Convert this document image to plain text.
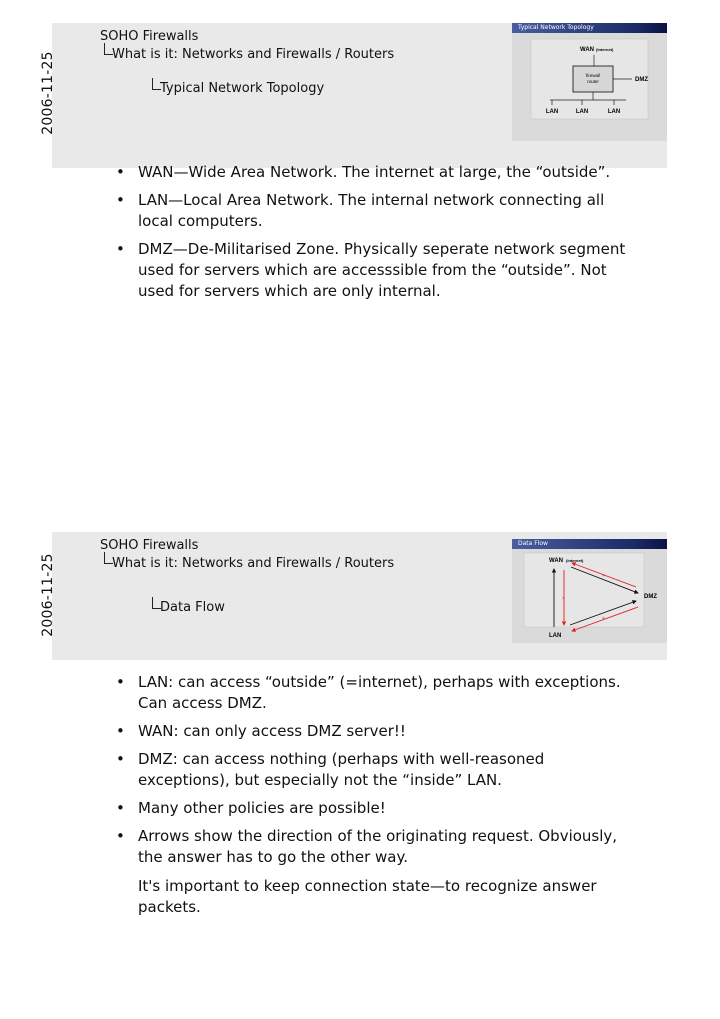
2006-11-25
SOHO Firewalls
What is it: Networks and Firewalls / Routers
Typical Network Topology
Typical Network Topology
WAN (Internet)
firewall
router	DMZ
LAN	LAN	LAN
• WAN—Wide Area Network. The internet at large, the “outside”.
• LAN—Local Area Network. The internal network connecting all local computers.
• DMZ—De-Militarised Zone. Physically seperate network segment used for servers which are accesssible from the “outside”. Not used for servers which are only internal.
2006-11-25
SOHO Firewalls
What is it: Networks and Firewalls / Routers
Data Flow
Data Flow
WAN (Internet)
DMZ
LAN
×
×
×
• LAN: can access “outside” (=internet), perhaps with exceptions. Can access DMZ.
• WAN: can only access DMZ server!!
• DMZ: can access nothing (perhaps with well-reasoned exceptions), but especially not the “inside” LAN.
• Many other policies are possible!
• Arrows show the direction of the originating request. Obviously, the answer has to go the other way.
It's important to keep connection state—to recognize answer packets.
